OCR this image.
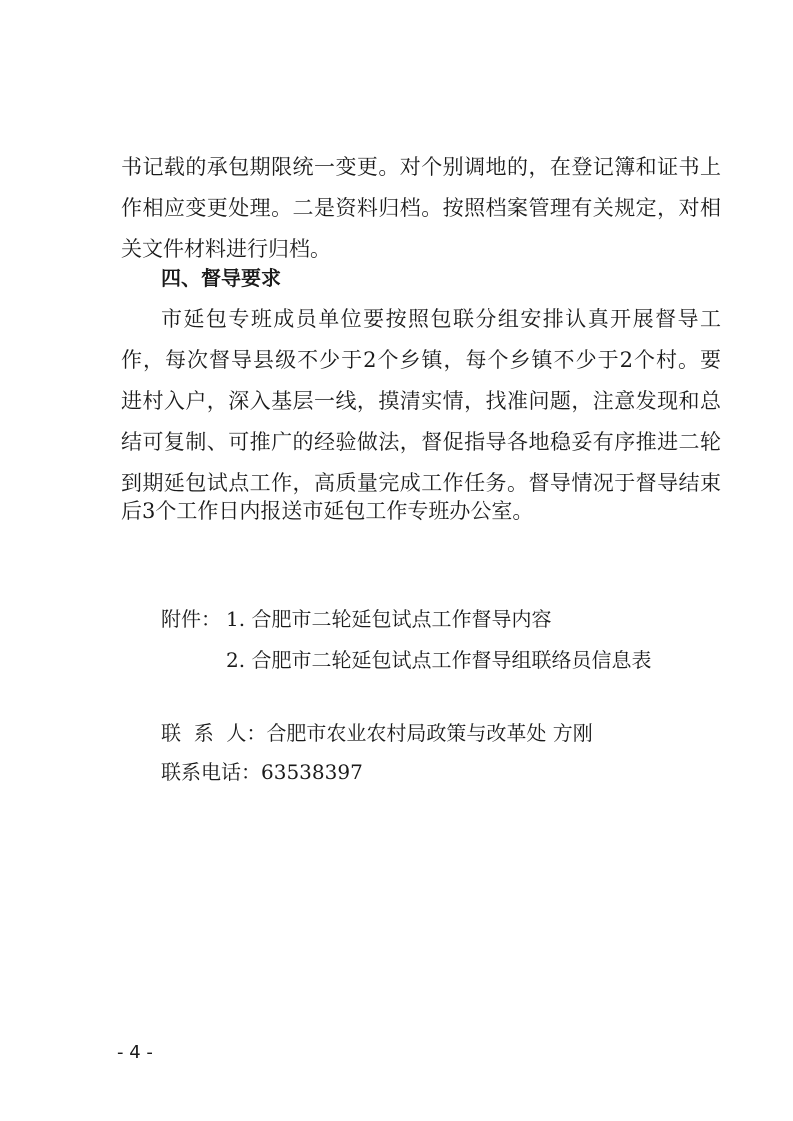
书记载的承包期限统一变更。对个别调地的，在登记簿和证书上
作相应变更处理。二是资料归档。按照档案管理有关规定，对相
关文件材料进行归档。
四、督导要求
市延包专班成员单位要按照包联分组安排认真开展督导工
作，每次督导县级不少于2个乡镇，每个乡镇不少于2个村。要
进村入户，深入基层一线，摸清实情，找准问题，注意发现和总
结可复制、可推广的经验做法，督促指导各地稳妥有序推进二轮
到期延包试点工作，高质量完成工作任务。督导情况于督导结束
后3个工作日内报送市延包工作专班办公室。
附件： 1. 合肥市二轮延包试点工作督导内容
2. 合肥市二轮延包试点工作督导组联络员信息表
联  系  人：合肥市农业农村局政策与改革处 方刚
联系电话：63538397
- 4 -
